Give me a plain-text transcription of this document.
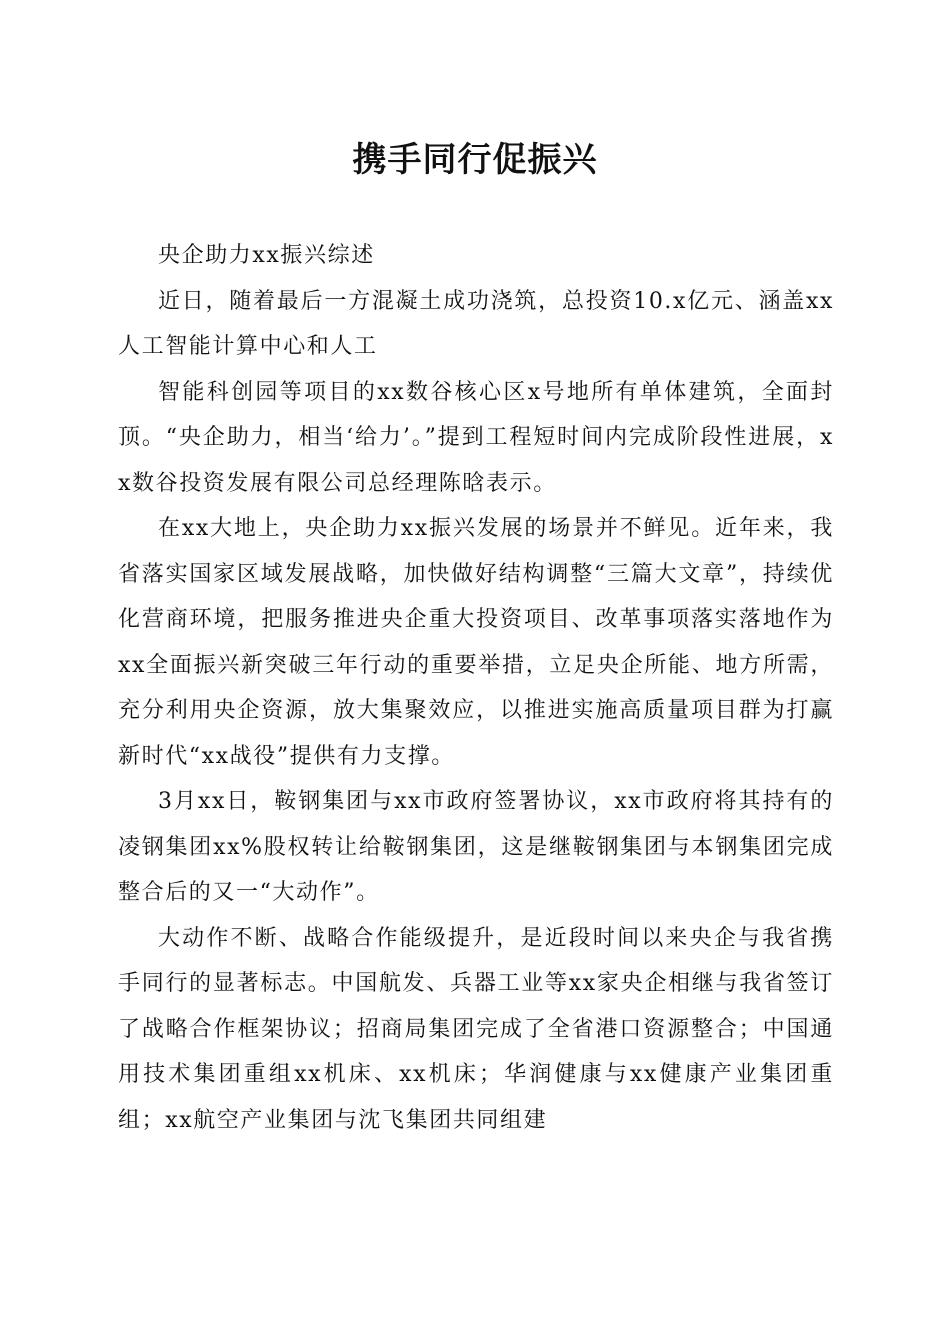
携手同行促振兴

央企助力xx振兴综述

近日，随着最后一方混凝土成功浇筑，总投资10.x亿元、涵盖xx人工智能计算中心和人工

智能科创园等项目的xx数谷核心区x号地所有单体建筑，全面封顶。“央企助力，相当‘给力’。”提到工程短时间内完成阶段性进展，xx数谷投资发展有限公司总经理陈晗表示。

在xx大地上，央企助力xx振兴发展的场景并不鲜见。近年来，我省落实国家区域发展战略，加快做好结构调整“三篇大文章”，持续优化营商环境，把服务推进央企重大投资项目、改革事项落实落地作为xx全面振兴新突破三年行动的重要举措，立足央企所能、地方所需，充分利用央企资源，放大集聚效应，以推进实施高质量项目群为打赢新时代“xx战役”提供有力支撑。

3月xx日，鞍钢集团与xx市政府签署协议，xx市政府将其持有的凌钢集团xx%股权转让给鞍钢集团，这是继鞍钢集团与本钢集团完成整合后的又一“大动作”。

大动作不断、战略合作能级提升，是近段时间以来央企与我省携手同行的显著标志。中国航发、兵器工业等xx家央企相继与我省签订了战略合作框架协议；招商局集团完成了全省港口资源整合；中国通用技术集团重组xx机床、xx机床；华润健康与xx健康产业集团重组；xx航空产业集团与沈飞集团共同组建
